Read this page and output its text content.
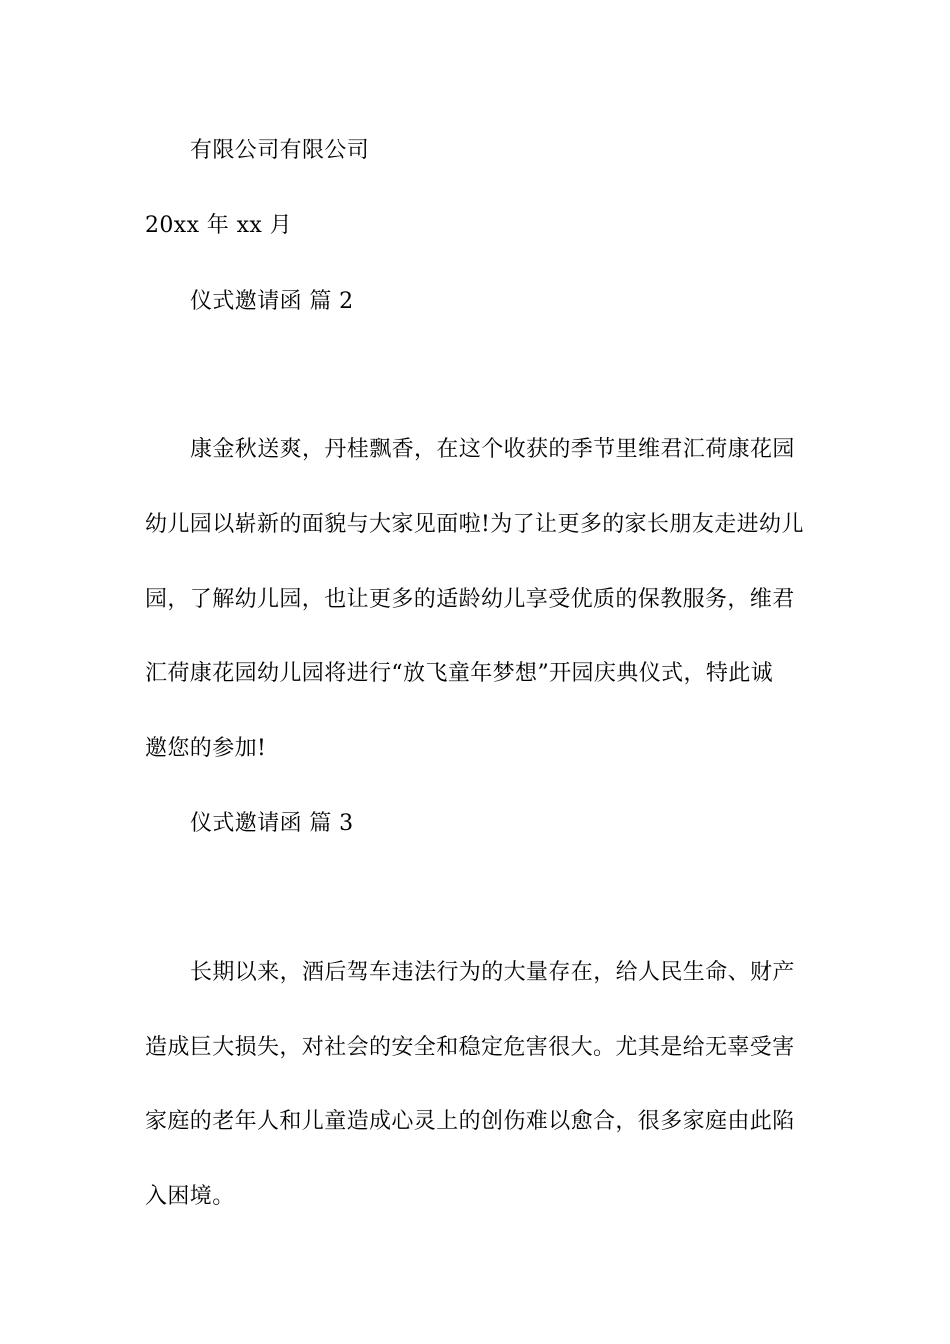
有限公司有限公司
20xx 年 xx 月
仪式邀请函 篇 2
康金秋送爽，丹桂飘香，在这个收获的季节里维君汇荷康花园
幼儿园以崭新的面貌与大家见面啦!为了让更多的家长朋友走进幼儿
园，了解幼儿园，也让更多的适龄幼儿享受优质的保教服务，维君
汇荷康花园幼儿园将进行“放飞童年梦想”开园庆典仪式，特此诚
邀您的参加!
仪式邀请函 篇 3
长期以来，酒后驾车违法行为的大量存在，给人民生命、财产
造成巨大损失，对社会的安全和稳定危害很大。尤其是给无辜受害
家庭的老年人和儿童造成心灵上的创伤难以愈合，很多家庭由此陷
入困境。
